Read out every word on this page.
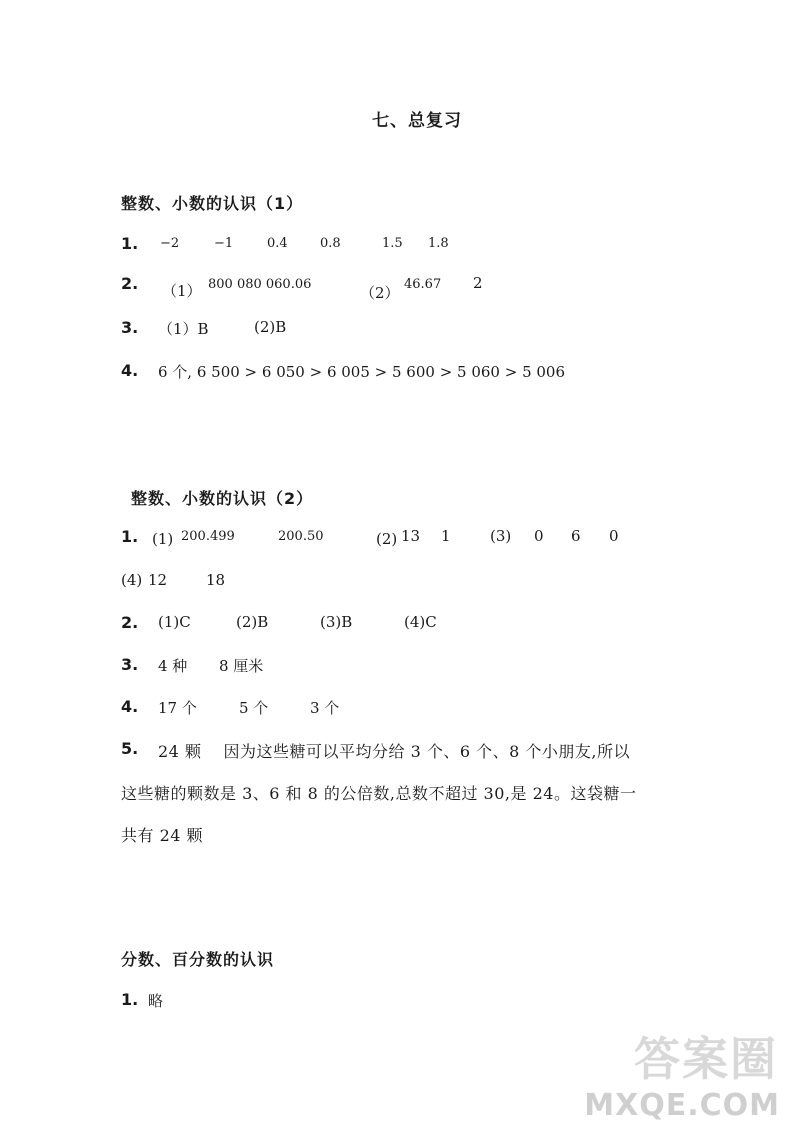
七、总复习
整数、小数的认识（1）
1. −2	−1	0.4 0.8	1.5 1.8
2. （1） 800 080 060.06	（2） 46.67 2
3. （1）B	(2)B
4. 6 个, 6 500 > 6 050 > 6 005 > 5 600 > 5 060 > 5 006
整数、小数的认识（2）
1. (1) 200.499	200.50	(2) 13 1	(3) 0 6 0
(4) 12	18
2. (1)C	(2)B	(3)B	(4)C
3. 4 种 8 厘米
4. 17 个	5 个	3 个
5. 24 颗　 因为这些糖可以平均分给 3 个、6 个、8 个小朋友,所以
这些糖的颗数是 3、6 和 8 的公倍数,总数不超过 30,是 24。这袋糖一
共有 24 颗
分数、百分数的认识
1. 略
答案圈
MXQE.COM
